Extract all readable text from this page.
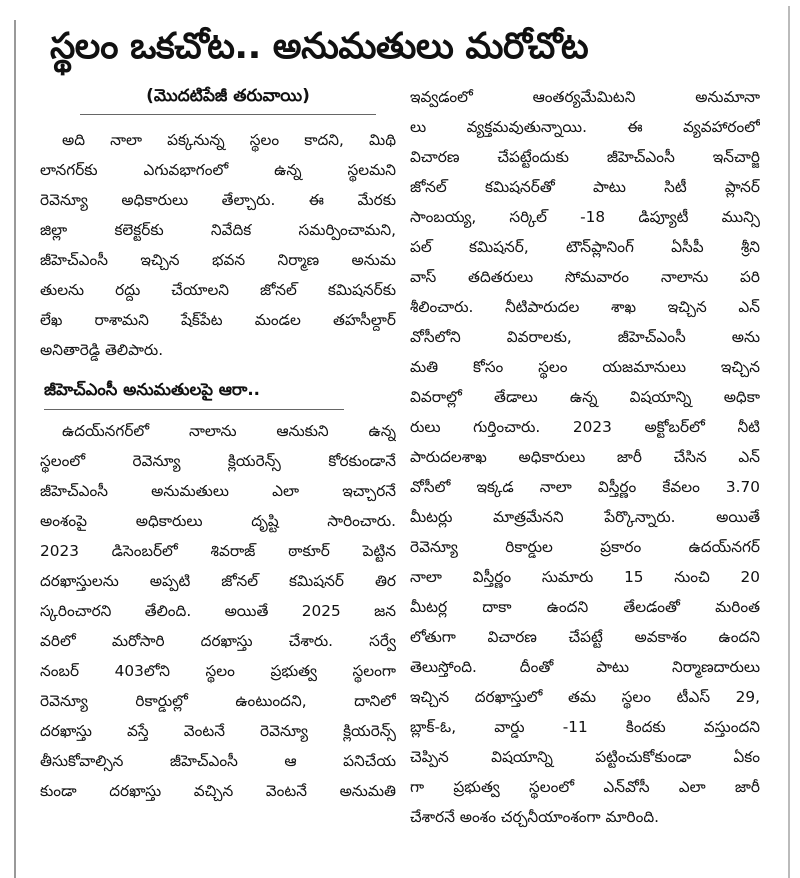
స్థలం ఒకచోట.. అనుమతులు మరోచోట
(మొదటిపేజీ తరువాయి)
అది నాలా పక్కనున్న స్థలం కాదని, మిథి
లానగర్‌కు ఎగువభాగంలో ఉన్న స్థలమని
రెవెన్యూ అధికారులు తేల్చారు. ఈ మేరకు
జిల్లా కలెక్టర్‌కు నివేదిక సమర్పించామని,
జీహెచ్‌ఎంసీ ఇచ్చిన భవన నిర్మాణ అనుమ
తులను రద్దు చేయాలని జోనల్ కమిషనర్‌కు
లేఖ రాశామని షేక్‌పేట మండల తహసీల్దార్
అనితారెడ్డి తెలిపారు.
జీహెచ్‌ఎంసీ అనుమతులపై ఆరా..
ఉదయ్‌నగర్‌లో నాలాను ఆనుకుని ఉన్న
స్థలంలో రెవెన్యూ క్లియరెన్స్ కోరకుండానే
జీహెచ్‌ఎంసీ అనుమతులు ఎలా ఇచ్చారనే
అంశంపై అధికారులు దృష్టి సారించారు.
2023 డిసెంబర్‌లో శివరాజ్ ఠాకూర్ పెట్టిన
దరఖాస్తులను అప్పటి జోనల్ కమిషనర్ తిర
స్కరించారని తేలింది. అయితే 2025 జన
వరిలో మరోసారి దరఖాస్తు చేశారు. సర్వే
నంబర్ 403లోని స్థలం ప్రభుత్వ స్థలంగా
రెవెన్యూ రికార్డుల్లో ఉంటుందని, దానిలో
దరఖాస్తు వస్తే వెంటనే రెవెన్యూ క్లియరెన్స్
తీసుకోవాల్సిన జీహెచ్‌ఎంసీ ఆ పనిచేయ
కుండా దరఖాస్తు వచ్చిన వెంటనే అనుమతి
ఇవ్వడంలో ఆంతర్యమేమిటని అనుమానా
లు వ్యక్తమవుతున్నాయి. ఈ వ్యవహారంలో
విచారణ చేపట్టేందుకు జీహెచ్‌ఎంసీ ఇన్‌చార్జి
జోనల్ కమిషనర్‌తో పాటు సిటీ ప్లానర్
సాంబయ్య, సర్కిల్ -18 డిప్యూటీ మున్సి
పల్ కమిషనర్, టౌన్‌ప్లానింగ్ ఏసీపీ శ్రీని
వాస్ తదితరులు సోమవారం నాలాను పరి
శీలించారు. నీటిపారుదల శాఖ ఇచ్చిన ఎన్
వోసీలోని వివరాలకు, జీహెచ్‌ఎంసీ అను
మతి కోసం స్థలం యజమానులు ఇచ్చిన
వివరాల్లో తేడాలు ఉన్న విషయాన్ని అధికా
రులు గుర్తించారు. 2023 అక్టోబర్‌లో నీటి
పారుదలశాఖ అధికారులు జారీ చేసిన ఎన్
వోసీలో ఇక్కడ నాలా విస్తీర్ణం కేవలం 3.70
మీటర్లు మాత్రమేనని పేర్కొన్నారు. అయితే
రెవెన్యూ రికార్డుల ప్రకారం ఉదయ్‌నగర్
నాలా విస్తీర్ణం సుమారు 15 నుంచి 20
మీటర్ల దాకా ఉందని తేలడంతో మరింత
లోతుగా విచారణ చేపట్టే అవకాశం ఉందని
తెలుస్తోంది. దీంతో పాటు నిర్మాణదారులు
ఇచ్చిన దరఖాస్తులో తమ స్థలం టీఎస్ 29,
బ్లాక్-ఓ, వార్డు -11 కిందకు వస్తుందని
చెప్పిన విషయాన్ని పట్టించుకోకుండా ఏకం
గా ప్రభుత్వ స్థలంలో ఎన్‌వోసీ ఎలా జారీ
చేశారనే అంశం చర్చనీయాంశంగా మారింది.
